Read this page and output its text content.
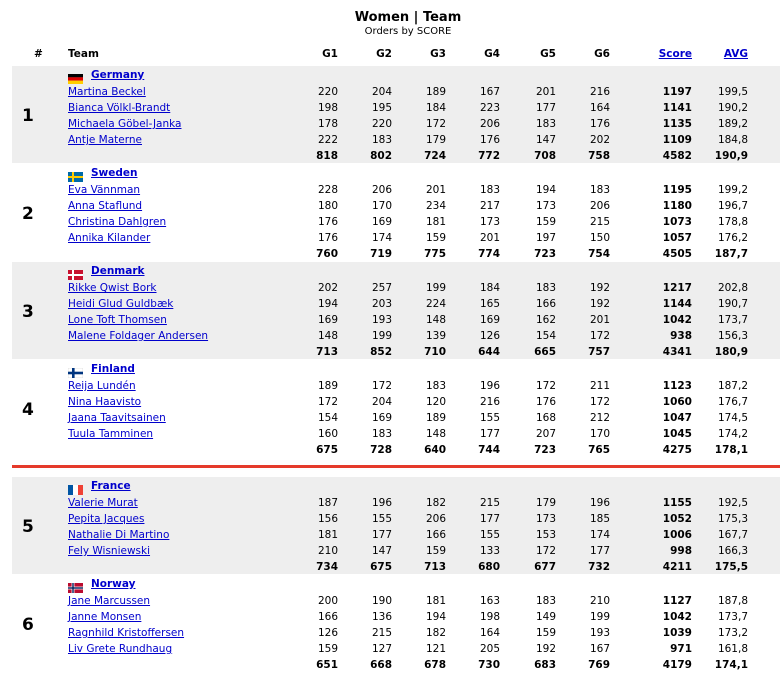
Women | Team
Orders by SCORE
# Team	G1	G2	G3	G4	G5	G6	Score	AVG
Germany
1
Martina Beckel	220	204	189	167	201	216	1197	199,5
Bianca Völkl-Brandt	198	195	184	223	177	164	1141	190,2
Michaela Göbel-Janka	178	220	172	206	183	176	1135	189,2
Antje Materne	222	183	179	176	147	202	1109	184,8
818	802	724	772	708	758	4582	190,9
Sweden
2
Eva Vännman	228	206	201	183	194	183	1195	199,2
Anna Staflund	180	170	234	217	173	206	1180	196,7
Christina Dahlgren	176	169	181	173	159	215	1073	178,8
Annika Kilander	176	174	159	201	197	150	1057	176,2
760	719	775	774	723	754	4505	187,7
Denmark
3
Rikke Qwist Bork	202	257	199	184	183	192	1217	202,8
Heidi Glud Guldbæk	194	203	224	165	166	192	1144	190,7
Lone Toft Thomsen	169	193	148	169	162	201	1042	173,7
Malene Foldager Andersen	148	199	139	126	154	172	938	156,3
713	852	710	644	665	757	4341	180,9
Finland
4
Reija Lundén	189	172	183	196	172	211	1123	187,2
Nina Haavisto	172	204	120	216	176	172	1060	176,7
Jaana Taavitsainen	154	169	189	155	168	212	1047	174,5
Tuula Tamminen	160	183	148	177	207	170	1045	174,2
675	728	640	744	723	765	4275	178,1
France
5
Valerie Murat	187	196	182	215	179	196	1155	192,5
Pepita Jacques	156	155	206	177	173	185	1052	175,3
Nathalie Di Martino	181	177	166	155	153	174	1006	167,7
Fely Wisniewski	210	147	159	133	172	177	998	166,3
734	675	713	680	677	732	4211	175,5
Norway
6
Jane Marcussen	200	190	181	163	183	210	1127	187,8
Janne Monsen	166	136	194	198	149	199	1042	173,7
Ragnhild Kristoffersen	126	215	182	164	159	193	1039	173,2
Liv Grete Rundhaug	159	127	121	205	192	167	971	161,8
651	668	678	730	683	769	4179	174,1
